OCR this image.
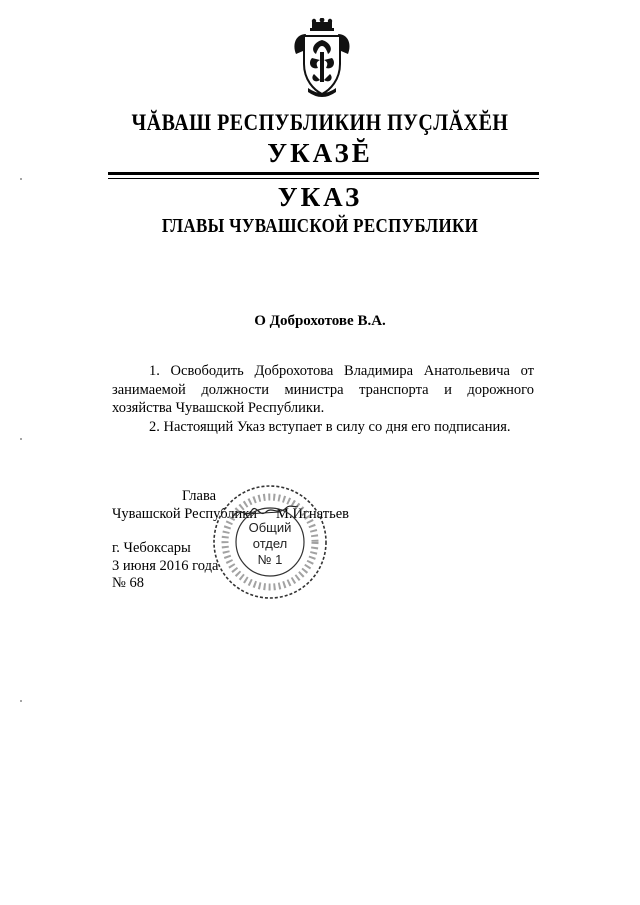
ЧĂВАШ РЕСПУБЛИКИН ПУÇЛĂХĔН
УКАЗĔ
УКАЗ
ГЛАВЫ ЧУВАШСКОЙ РЕСПУБЛИКИ
О Доброхотове В.А.

1. Освободить Доброхотова Владимира Анатольевича от занимаемой должности министра транспорта и дорожного хозяйства Чувашской Республики.

2. Настоящий Указ вступает в силу со дня его подписания.

Глава
Чувашской Республики М.Игнатьев
г. Чебоксары
3 июня 2016 года
№ 68
Общий
отдел
№ 1
